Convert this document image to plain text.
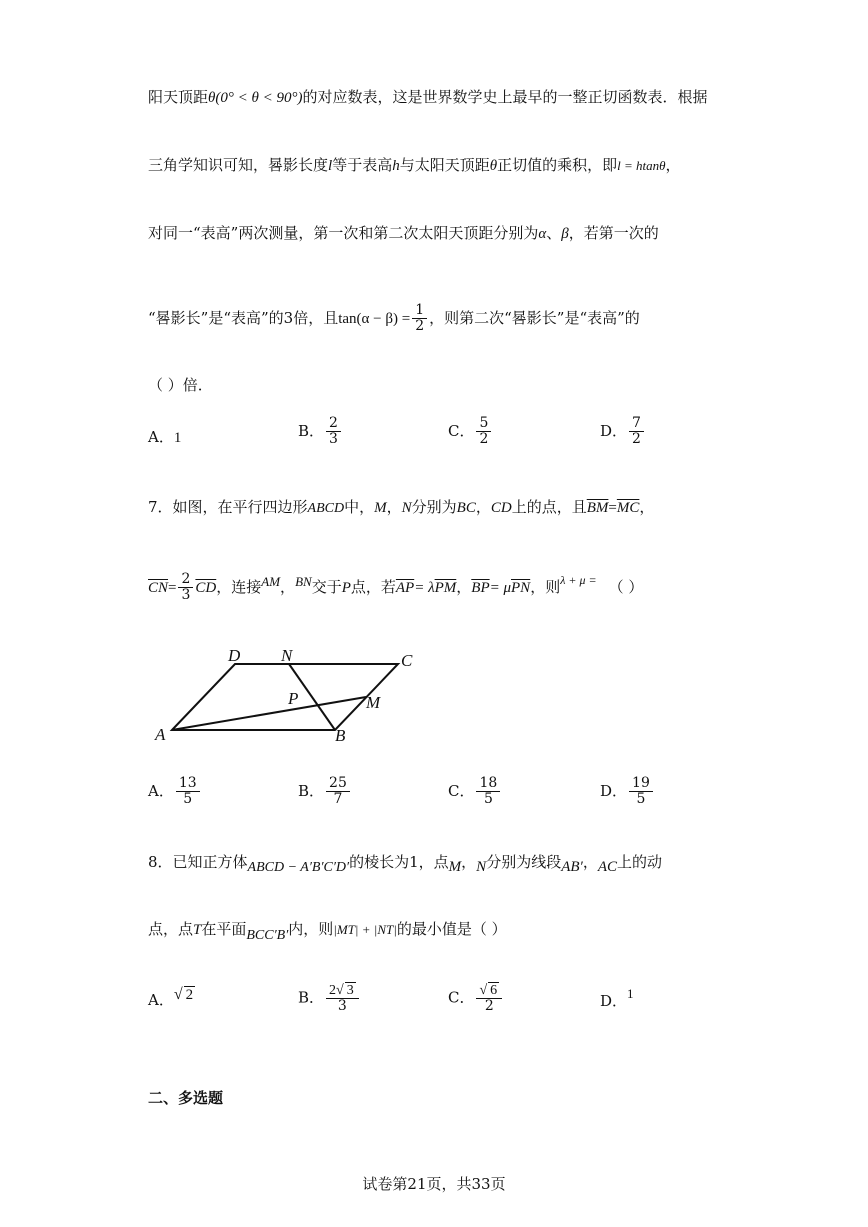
阳天顶距θ(0° < θ < 90°)的对应数表，这是世界数学史上最早的一整正切函数表．根据
三角学知识可知，晷影长度l等于表高h与太阳天顶距θ正切值的乘积，即l = htanθ，
对同一“表高”两次测量，第一次和第二次太阳天顶距分别为α、β，若第一次的
“晷影长”是“表高”的3倍，且$\tan(\alpha - \beta) = \frac{1}{2}$ ，则第二次“晷影长”是“表高”的
（ ）倍．
A．1	B． $\frac{2}{3}$	C． $\frac{5}{2}$	D． $\frac{7}{2}$
7．如图，在平行四边形ABCD中，M，N分别为BC，CD上的点，且$\overline{BM}=\overline{MC}$，
$\overline{CN}= \frac{2}{3} \overline{CD}$，连接AM，BN交于P点，若$\overline{AP}= \lambda\overline{PM}$，$\overline{BP}= \mu\overline{PN}$，则$^{\lambda + \mu =}$ （ ）
A	B
C
D N
P	M
A． $\frac{13}{5}$	B． $\frac{25}{7}$	C． $\frac{18}{5}$	D． $\frac{19}{5}$
8．已知正方体ABCD − A′B′C′D′的棱长为1，点M，N分别为线段AB′，AC上的动
点，点T在平面BCC′B′内，则|MT| + |NT|的最小值是（ ）
A．√ 2	B． $\frac{2√ 3}{3}$	C． $\frac{√ 6}{2}$	D．1
二、多选题
试卷第21页，共33页
